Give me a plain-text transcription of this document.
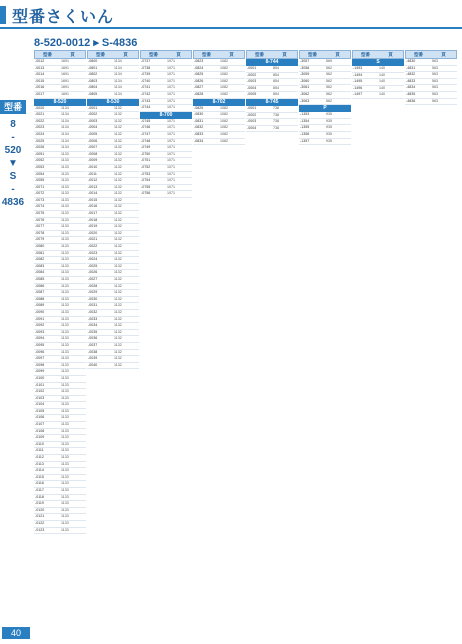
型番さくいん
8-520-0012 ▸ S-4836
型番
8
-
520
▼
S
-
4836
型番	頁
-0012	1691
-0013	1691
-0014	1691
-0015	1691
-0016	1691
-0017	1691
8-520
-0020	1134
-0021	1134
-0022	1134
-0023	1134
-0024	1134
-0025	1134
-0026	1134
-0051	1133
-0052	1133
-0053	1133
-0054	1133
-0055	1133
-0071	1133
-0072	1133
-0073	1133
-0074	1133
-0075	1133
-0076	1133
-0077	1133
-0078	1133
-0079	1133
-0080	1133
-0081	1133
-0082	1133
-0083	1133
-0084	1133
-0085	1133
-0086	1133
-0087	1133
-0088	1133
-0089	1133
-0090	1133
-0091	1133
-0092	1133
-0093	1133
-0094	1133
-0095	1133
-0096	1133
-0097	1133
-0098	1133
-0099	1133
-0100	1133
-0101	1133
-0102	1133
-0103	1133
-0104	1133
-0105	1133
-0106	1133
-0107	1133
-0108	1133
-0109	1133
-0110	1133
-0111	1133
-0112	1133
-0113	1133
-0114	1133
-0115	1133
-0116	1133
-0117	1133
-0118	1133
-0119	1133
-0120	1133
-0121	1133
-0122	1133
-0123	1133
型番	頁
-0800	1134
-0801	1134
-0802	1134
-0803	1134
-0804	1134
-0805	1134
8-530
-0001	1132
-0002	1132
-0003	1132
-0004	1132
-0005	1132
-0006	1132
-0007	1132
-0008	1132
-0009	1132
-0010	1132
-0011	1132
-0012	1132
-0013	1132
-0014	1132
-0015	1132
-0016	1132
-0017	1132
-0018	1132
-0019	1132
-0020	1132
-0021	1132
-0022	1132
-0023	1132
-0024	1132
-0025	1132
-0026	1132
-0027	1132
-0028	1132
-0029	1132
-0030	1132
-0031	1132
-0032	1132
-0033	1132
-0034	1132
-0035	1132
-0036	1132
-0037	1132
-0038	1132
-0039	1132
-0040	1132
型番	頁
-0737	1071
-0738	1071
-0739	1071
-0740	1071
-0741	1071
-0742	1071
-0743	1071
-0744	1071
8-700
-0745	1071
-0746	1071
-0747	1071
-0748	1071
-0749	1071
-0750	1071
-0751	1071
-0752	1071
-0753	1071
-0754	1071
-0755	1071
-0756	1071
型番	頁
-0823	1082
-0824	1082
-0825	1082
-0826	1082
-0827	1082
-0828	1082
8-702
-0829	1082
-0830	1082
-0831	1082
-0832	1082
-0833	1082
-0834	1082
型番	頁
8-744
-0001	854
-0002	854
-0003	854
-0004	854
-0005	854
8-745
-0001	738
-0002	738
-0003	738
-0004	738
型番	頁
-3057	569
-3058	562
-3059	562
-3060	562
-3061	562
-3062	562
-3063	562
P
-1353	935
-1354	935
-1355	935
-1356	935
-1357	935
型番	頁
S
-1493	140
-1494	140
-1495	140
-1496	140
-1497	140
型番	頁
-4830	563
-4831	563
-4832	563
-4833	563
-4834	563
-4835	563
-4836	563
40
